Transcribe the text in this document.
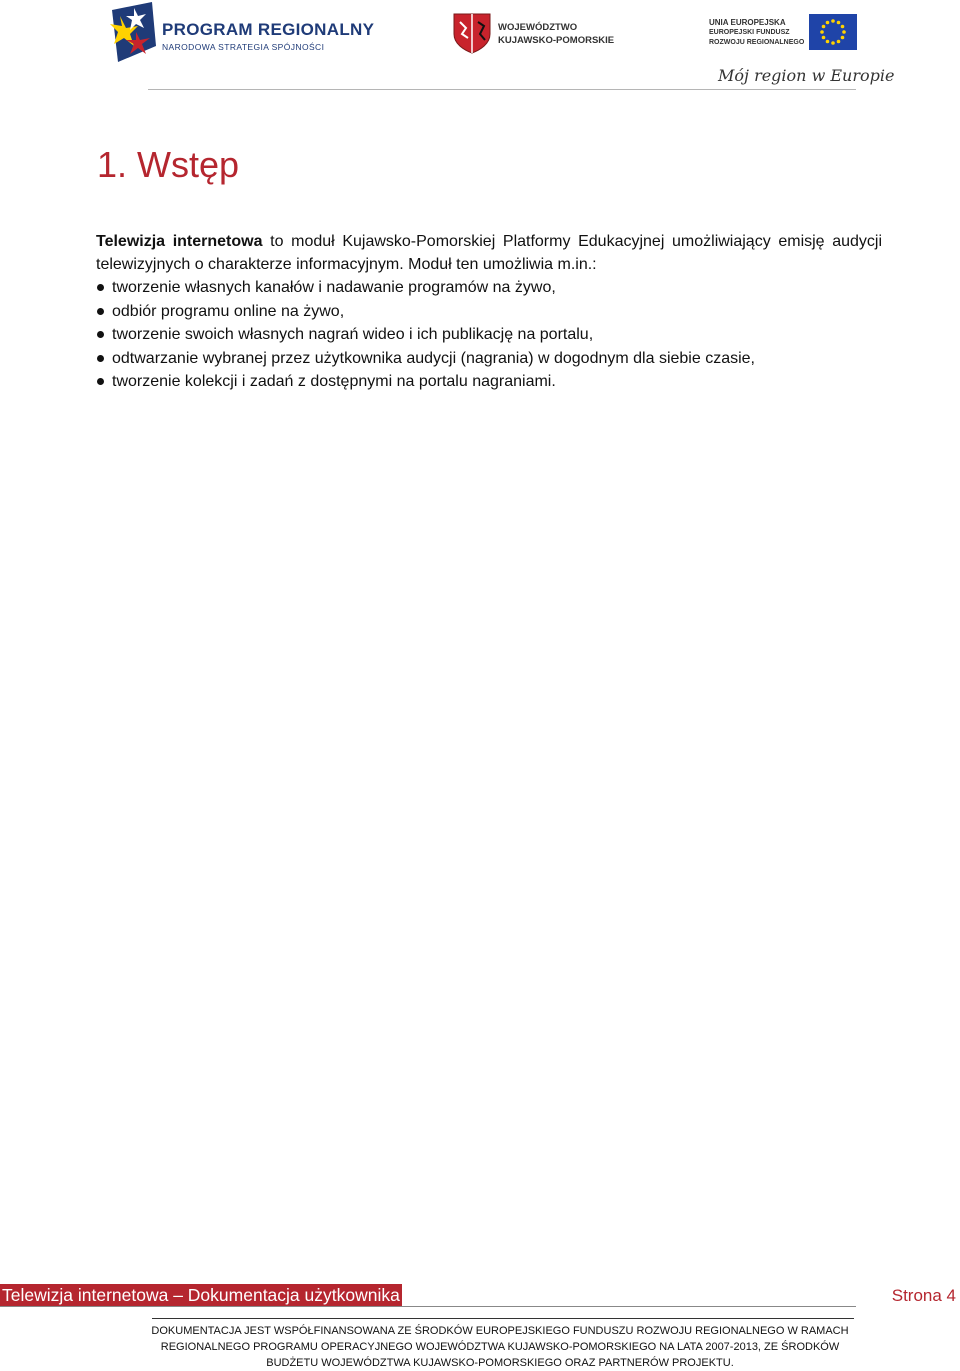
PROGRAM REGIONALNY
NARODOWA STRATEGIA SPÓJNOŚCI
WOJEWÓDZTWO
KUJAWSKO-POMORSKIE
UNIA EUROPEJSKA
EUROPEJSKI FUNDUSZ
ROZWOJU REGIONALNEGO
Mój region w Europie
1. Wstęp

Telewizja internetowa to moduł Kujawsko-Pomorskiej Platformy Edukacyjnej umożliwiający emisję audycji telewizyjnych o charakterze informacyjnym. Moduł ten umożliwia m.in.:

tworzenie własnych kanałów i nadawanie programów na żywo,
odbiór programu online na żywo,
tworzenie swoich własnych nagrań wideo i ich publikację na portalu,
odtwarzanie wybranej przez użytkownika audycji (nagrania) w dogodnym dla siebie czasie,
tworzenie kolekcji i zadań z dostępnymi na portalu nagraniami.
Telewizja internetowa – Dokumentacja użytkownika	Strona 4

DOKUMENTACJA JEST WSPÓŁFINANSOWANA ZE ŚRODKÓW EUROPEJSKIEGO FUNDUSZU ROZWOJU REGIONALNEGO W RAMACH
REGIONALNEGO PROGRAMU OPERACYJNEGO WOJEWÓDZTWA KUJAWSKO-POMORSKIEGO NA LATA 2007-2013, ZE ŚRODKÓW
BUDŻETU WOJEWÓDZTWA KUJAWSKO-POMORSKIEGO ORAZ PARTNERÓW PROJEKTU.
